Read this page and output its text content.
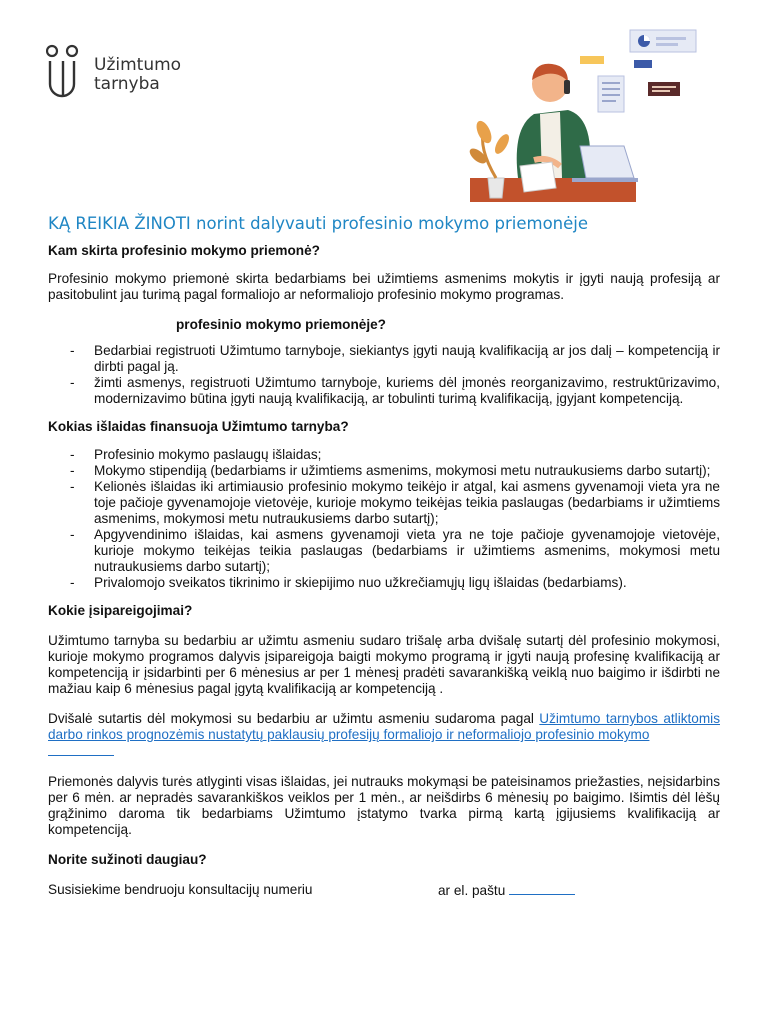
Užimtumo
tarnyba
KĄ REIKIA ŽINOTI norint dalyvauti profesinio mokymo priemonėje

Kam skirta profesinio mokymo priemonė?

Profesinio mokymo priemonė skirta bedarbiams bei užimtiems asmenims mokytis ir įgyti naują profesiją ar pasitobulint jau turimą pagal formaliojo ar neformaliojo profesinio mokymo programas.

profesinio mokymo priemonėje?

- Bedarbiai registruoti Užimtumo tarnyboje, siekiantys įgyti naują kvalifikaciją ar jos dalį – kompetenciją ir dirbti pagal ją.
- žimti asmenys, registruoti Užimtumo tarnyboje, kuriems dėl įmonės reorganizavimo, restruktūrizavimo, modernizavimo būtina įgyti naują kvalifikaciją, ar tobulinti turimą kvalifikaciją, įgyjant kompetenciją.

Kokias išlaidas finansuoja Užimtumo tarnyba?

- Profesinio mokymo paslaugų išlaidas;
- Mokymo stipendiją (bedarbiams ir užimtiems asmenims, mokymosi metu nutraukusiems darbo sutartį);
- Kelionės išlaidas iki artimiausio profesinio mokymo teikėjo ir atgal, kai asmens gyvenamoji vieta yra ne toje pačioje gyvenamojoje vietovėje, kurioje mokymo teikėjas teikia paslaugas (bedarbiams ir užimtiems asmenims, mokymosi metu nutraukusiems darbo sutartį);
- Apgyvendinimo išlaidas, kai asmens gyvenamoji vieta yra ne toje pačioje gyvenamojoje vietovėje, kurioje mokymo teikėjas teikia paslaugas (bedarbiams ir užimtiems asmenims, mokymosi metu nutraukusiems darbo sutartį);
- Privalomojo sveikatos tikrinimo ir skiepijimo nuo užkrečiamųjų ligų išlaidas (bedarbiams).

Kokie įsipareigojimai?

Užimtumo tarnyba su bedarbiu ar užimtu asmeniu sudaro trišalę arba dvišalę sutartį dėl profesinio mokymosi, kurioje mokymo programos dalyvis įsipareigoja baigti mokymo programą ir įgyti naują profesinę kvalifikaciją ar kompetenciją ir įsidarbinti per 6 mėnesius ar per 1 mėnesį pradėti savarankišką veiklą nuo baigimo ir išdirbti ne mažiau kaip 6 mėnesius pagal įgytą kvalifikaciją ar kompetenciją .

Dvišalė sutartis dėl mokymosi su bedarbiu ar užimtu asmeniu sudaroma pagal Užimtumo tarnybos atliktomis darbo rinkos prognozėmis nustatytų paklausių profesijų formaliojo ir neformaliojo profesinio mokymo

Priemonės dalyvis turės atlyginti visas išlaidas, jei nutrauks mokymąsi be pateisinamos priežasties, neįsidarbins per 6 mėn. ar nepradės savarankiškos veiklos per 1 mėn., ar neišdirbs 6 mėnesių po baigimo. Išimtis dėl lėšų grąžinimo daroma tik bedarbiams Užimtumo įstatymo tvarka pirmą kartą įgijusiems kvalifikaciją ar kompetenciją.

Norite sužinoti daugiau?

Susisiekime bendruoju konsultacijų numeriu	ar el. paštu
